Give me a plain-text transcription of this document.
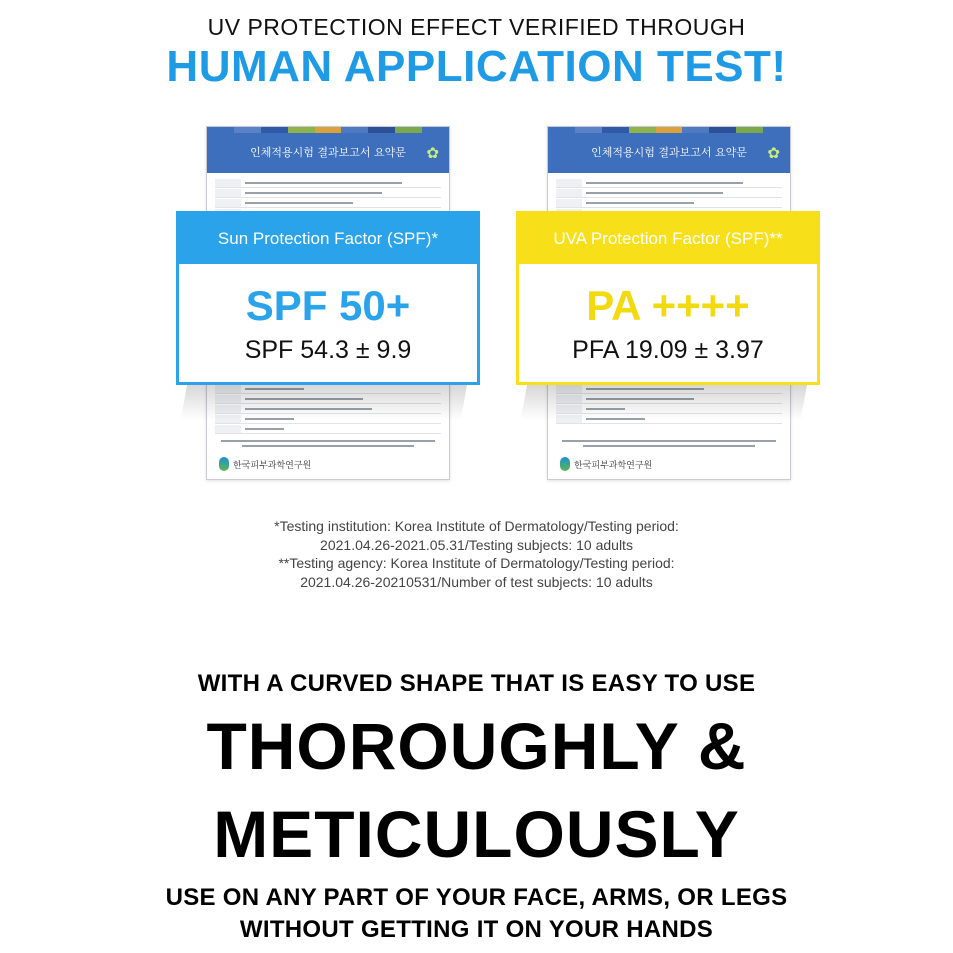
UV PROTECTION EFFECT VERIFIED THROUGH
HUMAN APPLICATION TEST!
인체적용시험 결과보고서 요약문 ✿
한국피부과학연구원
인체적용시험 결과보고서 요약문 ✿
한국피부과학연구원
Sun Protection Factor (SPF)*
SPF 50+
SPF 54.3 ± 9.9
UVA Protection Factor (SPF)**
PA ++++
PFA 19.09 ± 3.97
*Testing institution: Korea Institute of Dermatology/Testing period:
2021.04.26-2021.05.31/Testing subjects: 10 adults
**Testing agency: Korea Institute of Dermatology/Testing period:
2021.04.26-20210531/Number of test subjects: 10 adults
WITH A CURVED SHAPE THAT IS EASY TO USE
THOROUGHLY &
METICULOUSLY
USE ON ANY PART OF YOUR FACE, ARMS, OR LEGS
WITHOUT GETTING IT ON YOUR HANDS
